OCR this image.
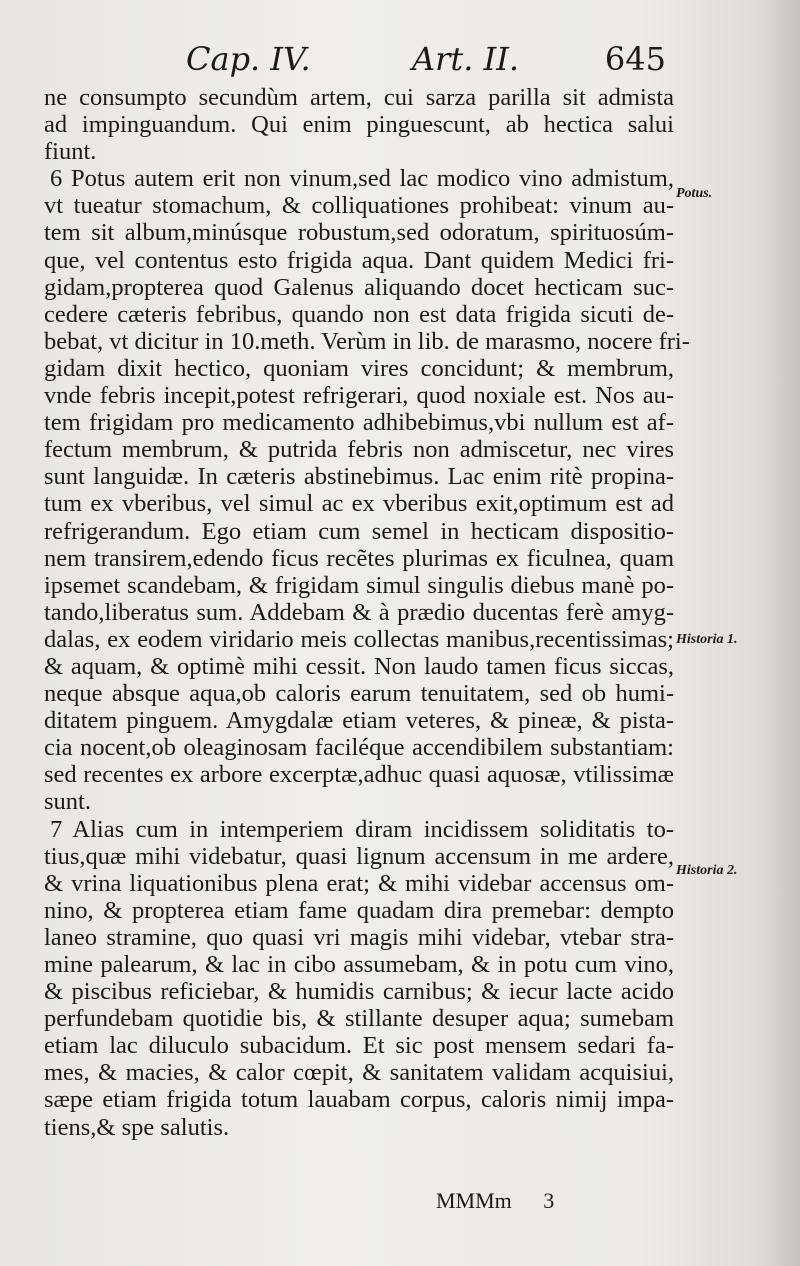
Cap. IV.	Art. II.	645
ne consumpto secundùm artem, cui sarza parilla sit admista
ad impinguandum. Qui enim pinguescunt, ab hectica salui
fiunt.
6 Potus autem erit non vinum,sed lac modico vino admistum,
vt tueatur stomachum, & colliquationes prohibeat: vinum au-
tem sit album,minúsque robustum,sed odoratum, spirituosúm-
que, vel contentus esto frigida aqua. Dant quidem Medici fri-
gidam,propterea quod Galenus aliquando docet hecticam suc-
cedere cæteris febribus, quando non est data frigida sicuti de-
bebat, vt dicitur in 10.meth. Verùm in lib. de marasmo, nocere fri-
gidam dixit hectico, quoniam vires concidunt; & membrum,
vnde febris incepit,potest refrigerari, quod noxiale est. Nos au-
tem frigidam pro medicamento adhibebimus,vbi nullum est af-
fectum membrum, & putrida febris non admiscetur, nec vires
sunt languidæ. In cæteris abstinebimus. Lac enim ritè propina-
tum ex vberibus, vel simul ac ex vberibus exit,optimum est ad
refrigerandum. Ego etiam cum semel in hecticam dispositio-
nem transirem,edendo ficus recẽtes plurimas ex ficulnea, quam
ipsemet scandebam, & frigidam simul singulis diebus manè po-
tando,liberatus sum. Addebam & à prædio ducentas ferè amyg-
dalas, ex eodem viridario meis collectas manibus,recentissimas;
& aquam, & optimè mihi cessit. Non laudo tamen ficus siccas,
neque absque aqua,ob caloris earum tenuitatem, sed ob humi-
ditatem pinguem. Amygdalæ etiam veteres, & pineæ, & pista-
cia nocent,ob oleaginosam faciléque accendibilem substantiam:
sed recentes ex arbore excerptæ,adhuc quasi aquosæ, vtilissimæ
sunt.
7 Alias cum in intemperiem diram incidissem soliditatis to-
tius,quæ mihi videbatur, quasi lignum accensum in me ardere,
& vrina liquationibus plena erat; & mihi videbar accensus om-
nino, & propterea etiam fame quadam dira premebar: dempto
laneo stramine, quo quasi vri magis mihi videbar, vtebar stra-
mine palearum, & lac in cibo assumebam, & in potu cum vino,
& piscibus reficiebar, & humidis carnibus; & iecur lacte acido
perfundebam quotidie bis, & stillante desuper aqua; sumebam
etiam lac diluculo subacidum. Et sic post mensem sedari fa-
mes, & macies, & calor cœpit, & sanitatem validam acquisiui,
sæpe etiam frigida totum lauabam corpus, caloris nimij impa-
tiens,& spe salutis.
Potus.
Historia 1.
Historia 2.
MMMm 3
